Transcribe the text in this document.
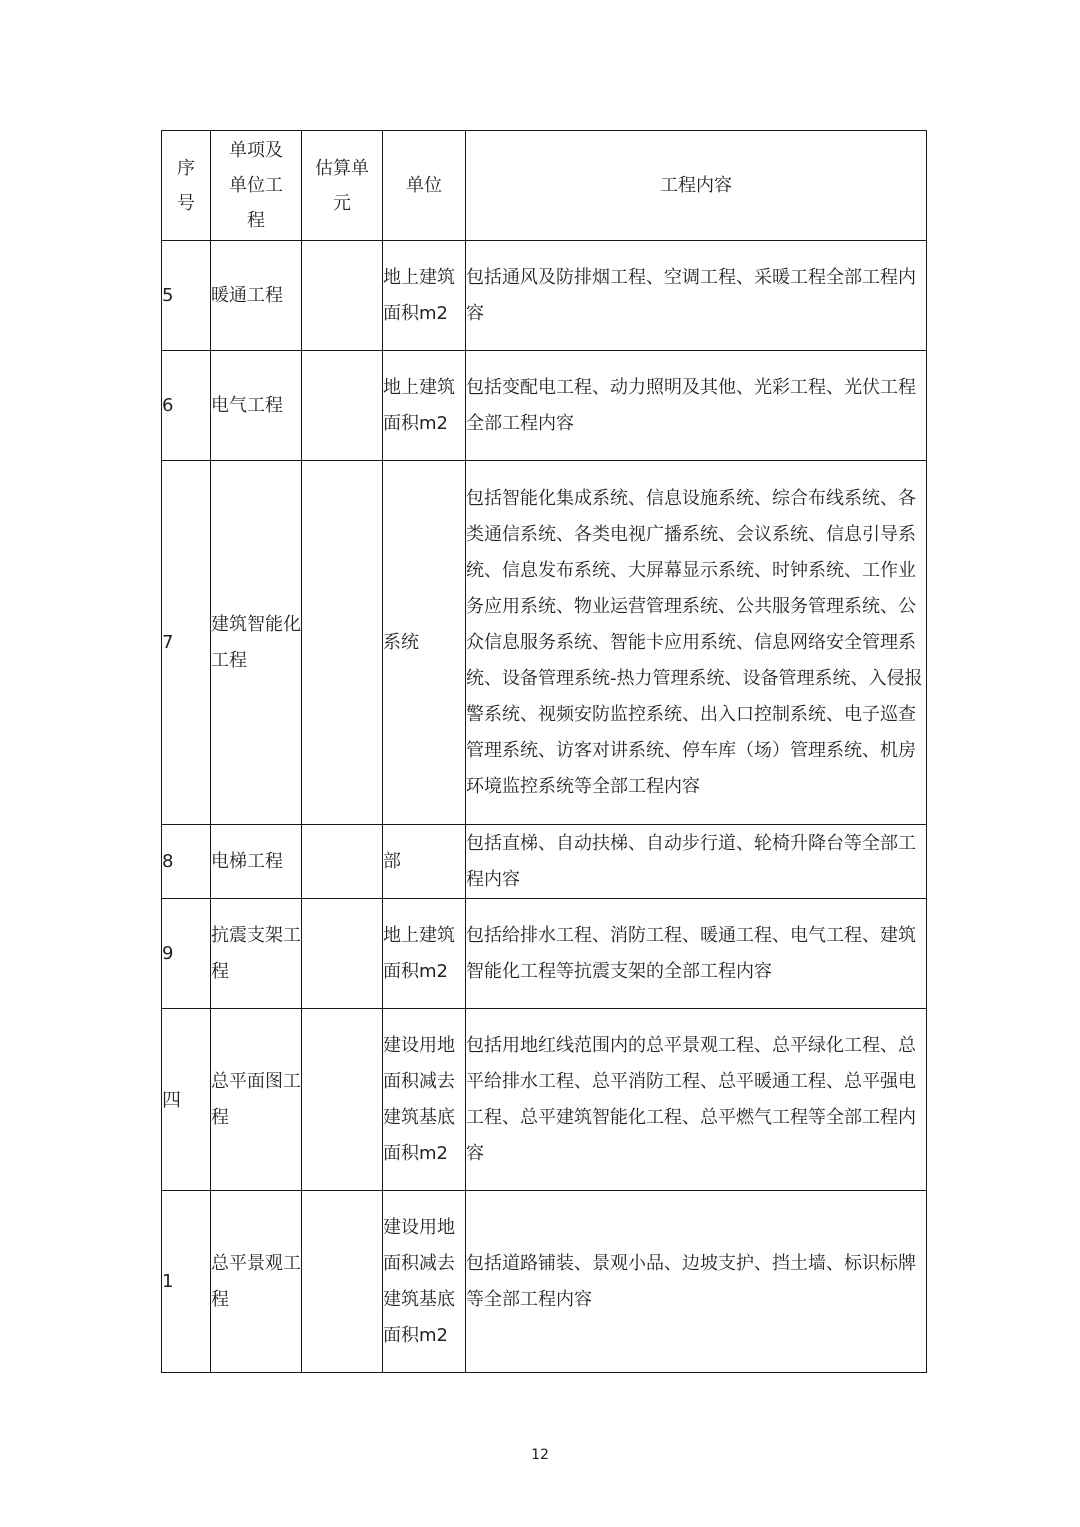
序号	单项及单位工程	估算单元	单位	工程内容

5	暖通工程		地上建筑面积m2	包括通风及防排烟工程、空调工程、采暖工程全部工程内容
6	电气工程		地上建筑面积m2	包括变配电工程、动力照明及其他、光彩工程、光伏工程全部工程内容
7	建筑智能化工程		系统	包括智能化集成系统、信息设施系统、综合布线系统、各类通信系统、各类电视广播系统、会议系统、信息引导系统、信息发布系统、大屏幕显示系统、时钟系统、工作业务应用系统、物业运营管理系统、公共服务管理系统、公众信息服务系统、智能卡应用系统、信息网络安全管理系统、设备管理系统-热力管理系统、设备管理系统、入侵报警系统、视频安防监控系统、出入口控制系统、电子巡查管理系统、访客对讲系统、停车库（场）管理系统、机房环境监控系统等全部工程内容
8	电梯工程		部	包括直梯、自动扶梯、自动步行道、轮椅升降台等全部工程内容
9	抗震支架工程		地上建筑面积m2	包括给排水工程、消防工程、暖通工程、电气工程、建筑智能化工程等抗震支架的全部工程内容
四	总平面图工程		建设用地面积减去建筑基底面积m2	包括用地红线范围内的总平景观工程、总平绿化工程、总平给排水工程、总平消防工程、总平暖通工程、总平强电工程、总平建筑智能化工程、总平燃气工程等全部工程内容
1	总平景观工程		建设用地面积减去建筑基底面积m2	包括道路铺装、景观小品、边坡支护、挡土墙、标识标牌等全部工程内容
12
